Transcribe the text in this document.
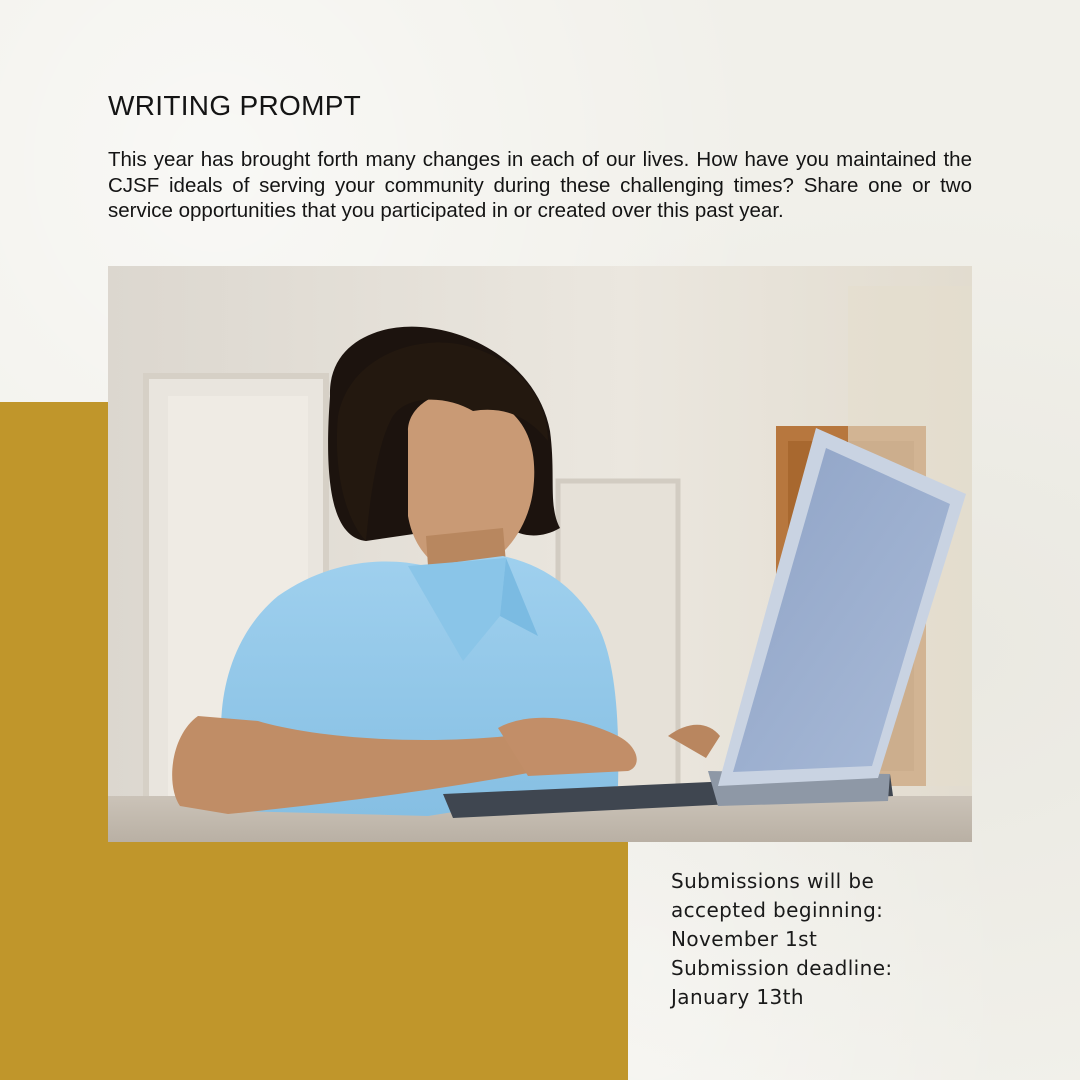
WRITING PROMPT

This year has brought forth many changes in each of our lives. How have you maintained the CJSF ideals of serving your community during these challenging times? Share one or two service opportunities that you participated in or created over this past year.

Submissions will be
accepted beginning:
November 1st
Submission deadline:
January 13th
